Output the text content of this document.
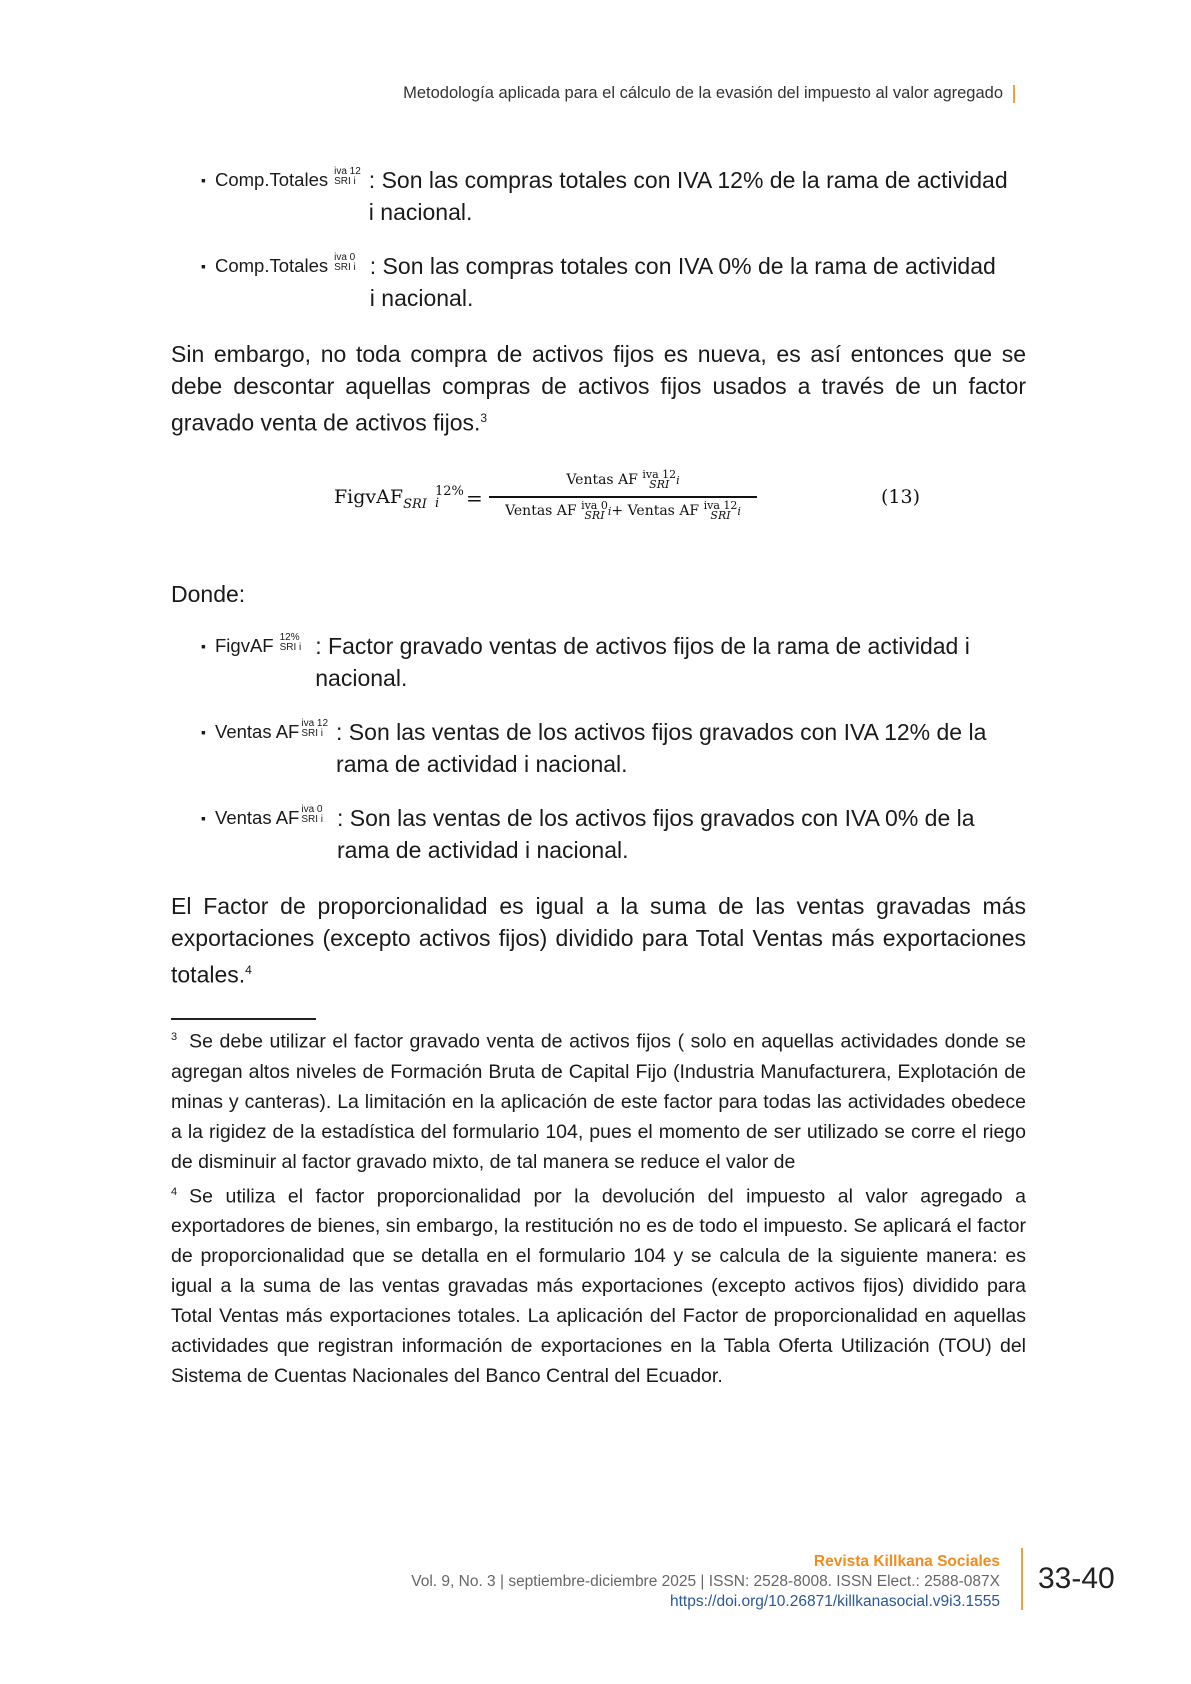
Metodología aplicada para el cálculo de la evasión del impuesto al valor agregado
▪ Comp.Totales iva 12
SRI i : Son las compras totales con IVA 12% de la rama de actividad
i nacional.
▪ Comp.Totales iva 0
SRI i : Son las compras totales con IVA 0% de la rama de actividad
i nacional.
Sin embargo, no toda compra de activos fijos es nueva, es así entonces que se debe descontar aquellas compras de activos fijos usados a través de un factor gravado venta de activos fijos.$^3$
FigvAF$_{SRI}$
12%
i	=
Ventas AF iva 12
SRI i
Ventas AF iva 0
SRI i+ Ventas AF iva 12
SRI i
(13)
Donde:
▪ FigvAF 12%
SRI i : Factor gravado ventas de activos fijos de la rama de actividad i
nacional.
▪ Ventas AF iva 12
SRI i : Son las ventas de los activos fijos gravados con IVA 12% de la
rama de actividad i nacional.
▪ Ventas AF iva 0
SRI i : Son las ventas de los activos fijos gravados con IVA 0% de la
rama de actividad i nacional.
El Factor de proporcionalidad es igual a la suma de las ventas gravadas más exportaciones (excepto activos fijos) dividido para Total Ventas más exportaciones totales.$^4$
$^3$ Se debe utilizar el factor gravado venta de activos fijos ( solo en aquellas actividades donde se agregan altos niveles de Formación Bruta de Capital Fijo (Industria Manufacturera, Explotación de minas y canteras). La limitación en la aplicación de este factor para todas las actividades obedece a la rigidez de la estadística del formulario 104, pues el momento de ser utilizado se corre el riego de disminuir al factor gravado mixto, de tal manera se reduce el valor de
$^4$ Se utiliza el factor proporcionalidad por la devolución del impuesto al valor agregado a exportadores de bienes, sin embargo, la restitución no es de todo el impuesto. Se aplicará el factor de proporcionalidad que se detalla en el formulario 104 y se calcula de la siguiente manera: es igual a la suma de las ventas gravadas más exportaciones (excepto activos fijos) dividido para Total Ventas más exportaciones totales. La aplicación del Factor de proporcionalidad en aquellas actividades que registran información de exportaciones en la Tabla Oferta Utilización (TOU) del Sistema de Cuentas Nacionales del Banco Central del Ecuador.
Revista Killkana Sociales
Vol. 9, No. 3 | septiembre-diciembre 2025 | ISSN: 2528-8008. ISSN Elect.: 2588-087X
https://doi.org/10.26871/killkanasocial.v9i3.1555
33-40
